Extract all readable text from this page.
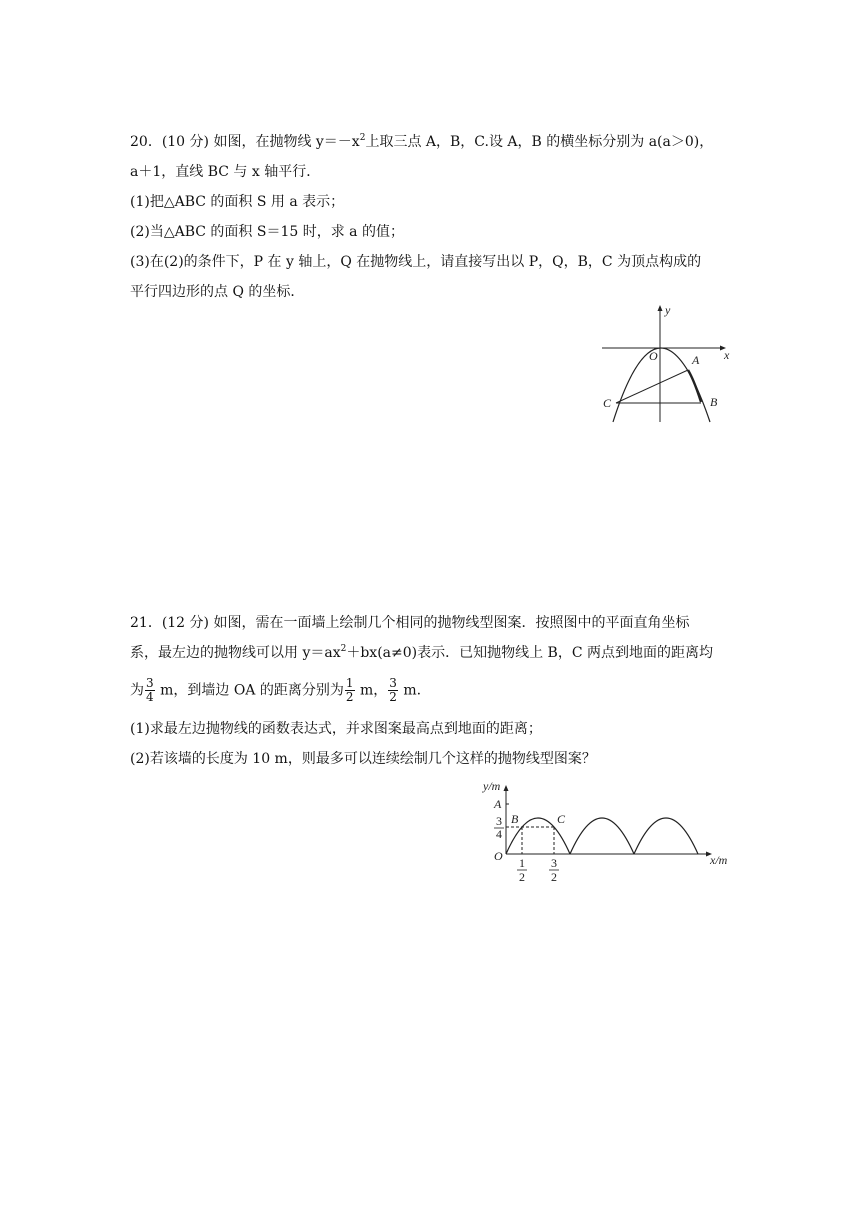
20．(10 分) 如图，在抛物线 $y=-x^2$上取三点 A，B，C.设 A，B 的横坐标分别为 a(a＞0)，
a＋1，直线 BC 与 x 轴平行．
(1)把△ABC 的面积 S 用 a 表示；
(2)当△ABC 的面积 S＝15 时，求 a 的值；
(3)在(2)的条件下，P 在 y 轴上，Q 在抛物线上，请直接写出以 P，Q，B，C 为顶点构成的
平行四边形的点 Q 的坐标．
y
x
O	A
B
C
21．(12 分) 如图，需在一面墙上绘制几个相同的抛物线型图案．按照图中的平面直角坐标
系，最左边的抛物线可以用 $y=ax^2+bx(a\ne 0)$表示．已知抛物线上 B，C 两点到地面的距离均
为 $\frac{3}{4}$ m，到墙边 OA 的距离分别为 $\frac{1}{2}$ m， $\frac{3}{2} m$.
(1)求最左边抛物线的函数表达式，并求图案最高点到地面的距离；
(2)若该墙的长度为 10 m，则最多可以连续绘制几个这样的抛物线型图案？
y/m
x/m
A
B	C
O
3
4
1
2
3
2
